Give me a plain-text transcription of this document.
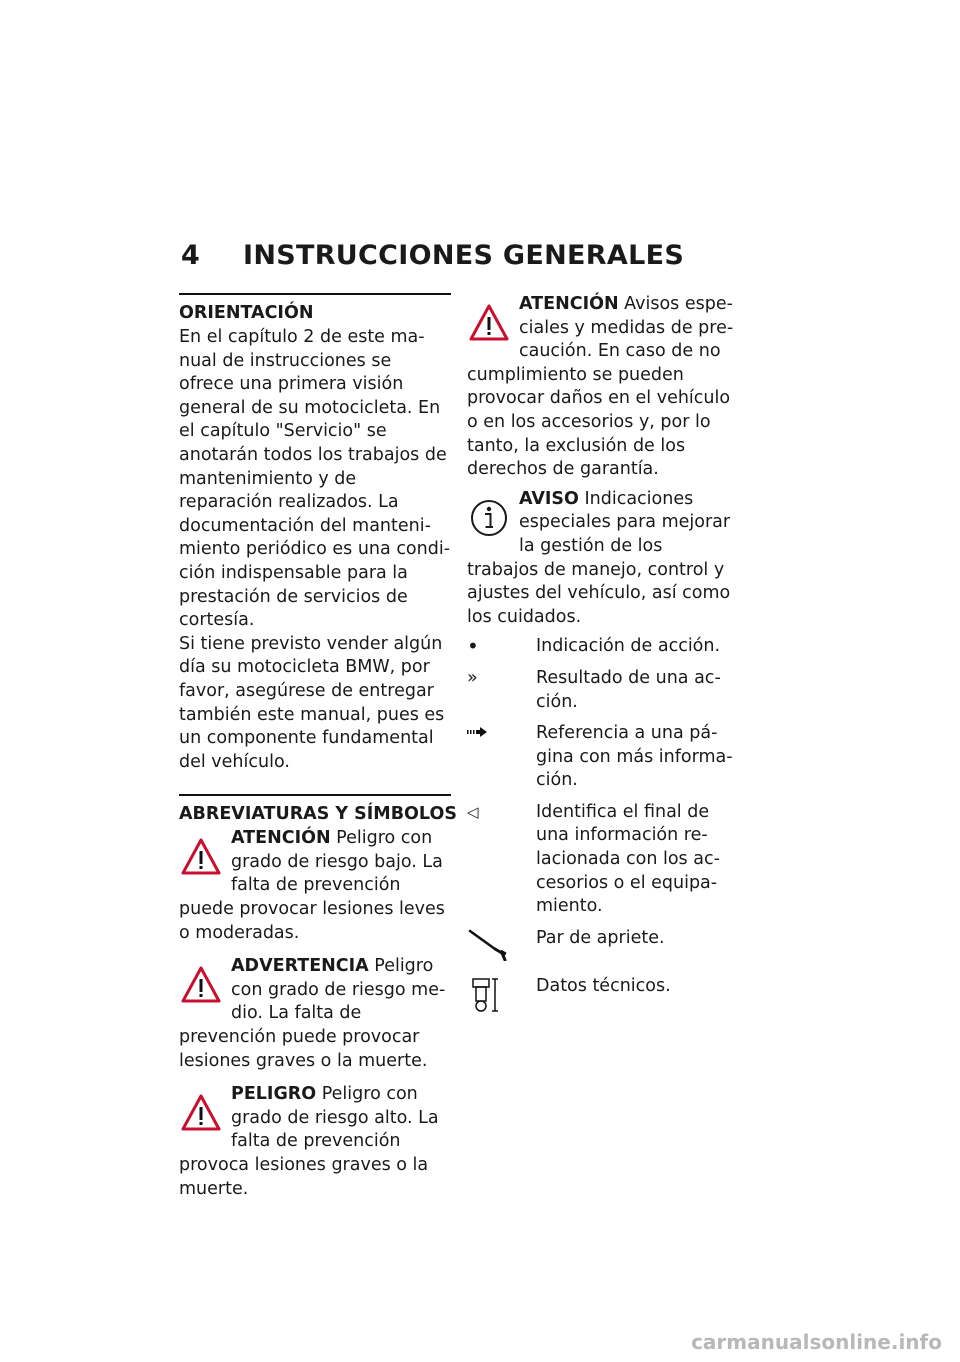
4 INSTRUCCIONES GENERALES
ORIENTACIÓN

En el capítulo 2 de este manual de instrucciones se ofrece una primera visión general de su motocicleta. En el capítulo "Servicio" se anotarán todos los trabajos de mantenimiento y de reparación realizados. La documentación del mantenimiento periódico es una condición indispensable para la prestación de servicios de cortesía.

Si tiene previsto vender algún día su motocicleta BMW, por favor, asegúrese de entregar también este manual, pues es un componente fundamental del vehículo.

ABREVIATURAS Y SÍMBOLOS
ATENCIÓN Peligro con grado de riesgo bajo. La falta de prevención puede provocar lesiones leves o moderadas.
ADVERTENCIA Peligro con grado de riesgo medio. La falta de prevención puede provocar lesiones graves o la muerte.
PELIGRO Peligro con grado de riesgo alto. La falta de prevención provoca lesiones graves o la muerte.
ATENCIÓN Avisos especiales y medidas de precaución. En caso de no cumplimiento se pueden provocar daños en el vehículo o en los accesorios y, por lo tanto, la exclusión de los derechos de garantía.
AVISO Indicaciones especiales para mejorar la gestión de los trabajos de manejo, control y ajustes del vehículo, así como los cuidados.
•	Indicación de acción.
»	Resultado de una acción.
Referencia a una página con más información.
◁	Identifica el final de una información relacionada con los accesorios o el equipamiento.
Par de apriete.
Datos técnicos.
carmanualsonline.info
